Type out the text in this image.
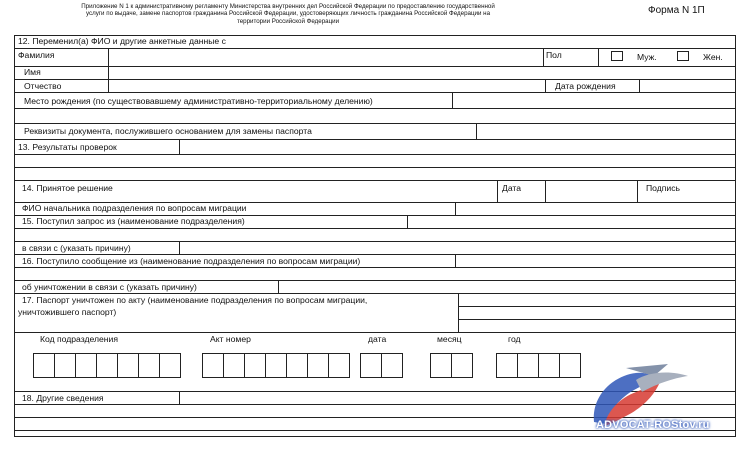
Приложение N 1 к административному регламенту Министерства внутренних дел Российской Федерации по предоставлению государственной
услуги по выдаче, замене паспортов гражданина Российской Федерации, удостоверяющих личность гражданина Российской Федерации на
территории Российской Федерации
Форма N 1П
12. Переменил(а) ФИО и другие анкетные данные с
Фамилия	Пол	Муж.	Жен.
Имя
Отчество	Дата рождения
Место рождения (по существовавшему административно-территориальному делению)
Реквизиты документа, послужившего основанием для замены паспорта
13. Результаты проверок
14. Принятое решение	Дата	Подпись
ФИО начальника подразделения по вопросам миграции
15. Поступил запрос из (наименование подразделения)
в связи с (указать причину)
16. Поступило сообщение из (наименование подразделения по вопросам миграции)
об уничтожении в связи с (указать причину)
17. Паспорт уничтожен по акту (наименование подразделения по вопросам миграции,
уничтожившего паспорт)
Код подразделения	Акт номер	дата	месяц	год
18. Другие сведения
ADVOCAT-ROStov.ru
